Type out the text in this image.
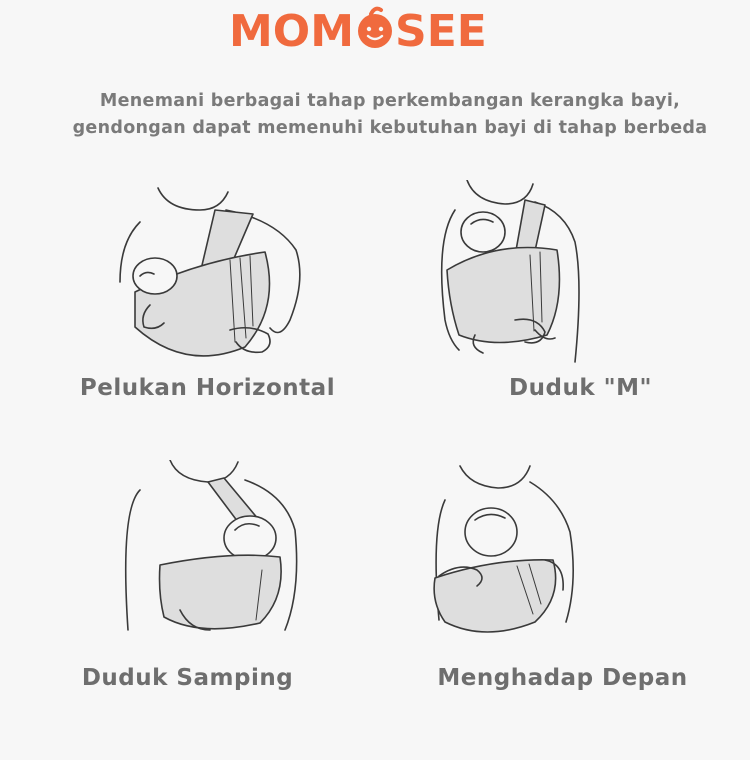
MOM SEE
Menemani berbagai tahap perkembangan kerangka bayi,
gendongan dapat memenuhi kebutuhan bayi di tahap berbeda
Pelukan Horizontal	Duduk "M"
Duduk Samping	Menghadap Depan
